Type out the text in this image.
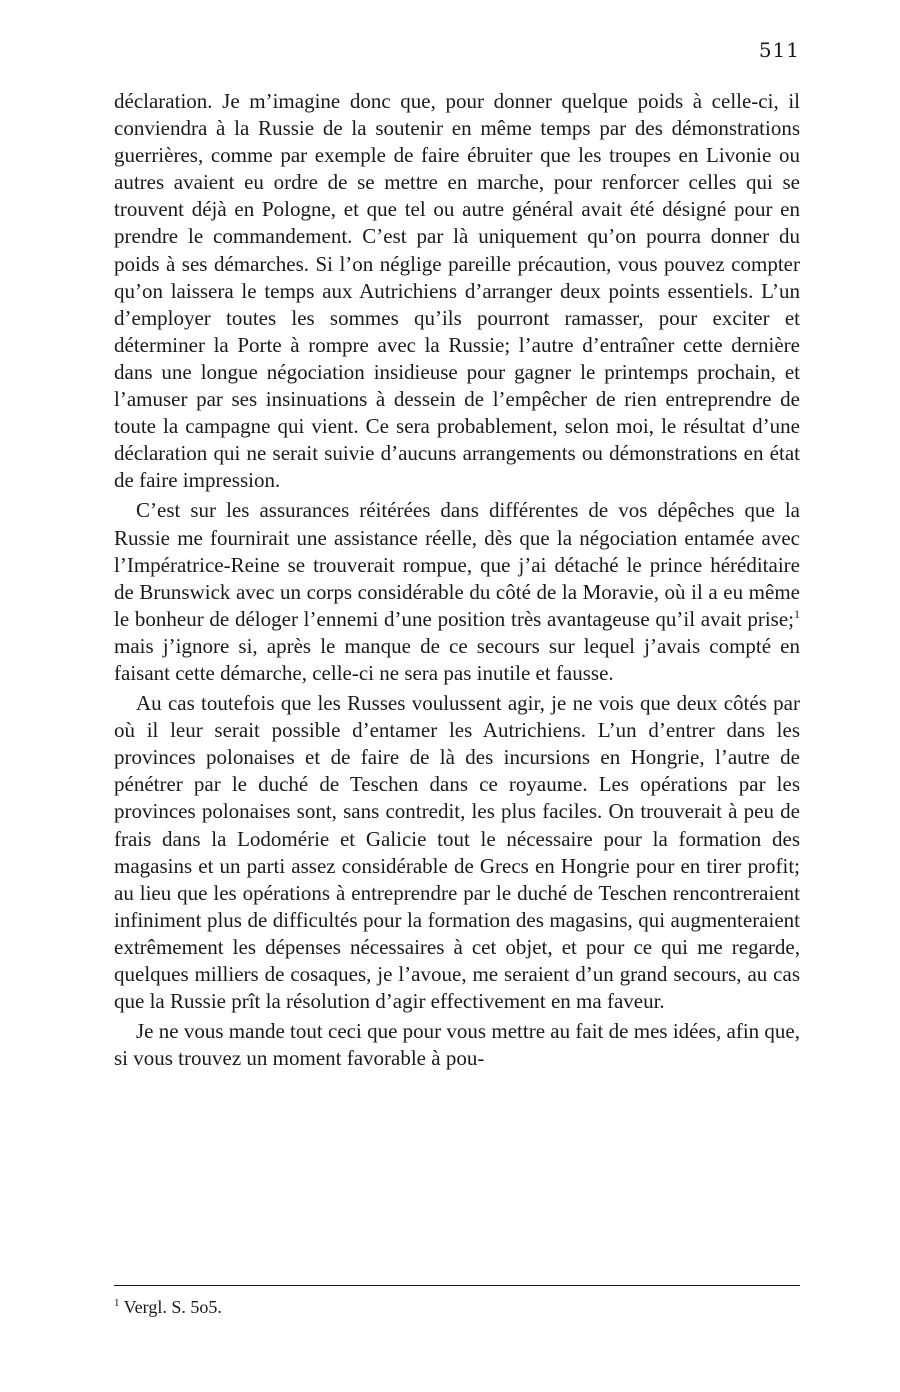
511

déclaration. Je m’imagine donc que, pour donner quelque poids à celle-ci, il conviendra à la Russie de la soutenir en même temps par des démonstrations guerrières, comme par exemple de faire ébruiter que les troupes en Livonie ou autres avaient eu ordre de se mettre en marche, pour renforcer celles qui se trouvent déjà en Pologne, et que tel ou autre général avait été désigné pour en prendre le commandement. C’est par là uniquement qu’on pourra donner du poids à ses démarches. Si l’on néglige pareille précaution, vous pouvez compter qu’on laissera le temps aux Autrichiens d’arranger deux points essentiels. L’un d’employer toutes les sommes qu’ils pourront ramasser, pour exciter et déterminer la Porte à rompre avec la Russie; l’autre d’entraîner cette dernière dans une longue négociation insidieuse pour gagner le printemps prochain, et l’amuser par ses insinuations à dessein de l’empêcher de rien entreprendre de toute la campagne qui vient. Ce sera probablement, selon moi, le résultat d’une déclaration qui ne serait suivie d’aucuns arrangements ou démonstrations en état de faire impression.

C’est sur les assurances réitérées dans différentes de vos dépêches que la Russie me fournirait une assistance réelle, dès que la négociation entamée avec l’Impératrice-Reine se trouverait rompue, que j’ai détaché le prince héréditaire de Brunswick avec un corps considérable du côté de la Moravie, où il a eu même le bonheur de déloger l’ennemi d’une position très avantageuse qu’il avait prise;$^1$ mais j’ignore si, après le manque de ce secours sur lequel j’avais compté en faisant cette démarche, celle-ci ne sera pas inutile et fausse.

Au cas toutefois que les Russes voulussent agir, je ne vois que deux côtés par où il leur serait possible d’entamer les Autrichiens. L’un d’entrer dans les provinces polonaises et de faire de là des incursions en Hongrie, l’autre de pénétrer par le duché de Teschen dans ce royaume. Les opérations par les provinces polonaises sont, sans contredit, les plus faciles. On trouverait à peu de frais dans la Lodomérie et Galicie tout le nécessaire pour la formation des magasins et un parti assez considérable de Grecs en Hongrie pour en tirer profit; au lieu que les opérations à entreprendre par le duché de Teschen rencontreraient infiniment plus de difficultés pour la formation des magasins, qui augmenteraient extrêmement les dépenses nécessaires à cet objet, et pour ce qui me regarde, quelques milliers de cosaques, je l’avoue, me seraient d’un grand secours, au cas que la Russie prît la résolution d’agir effectivement en ma faveur.

Je ne vous mande tout ceci que pour vous mettre au fait de mes idées, afin que, si vous trouvez un moment favorable à pou-

$^1$ Vergl. S. 5o5.
